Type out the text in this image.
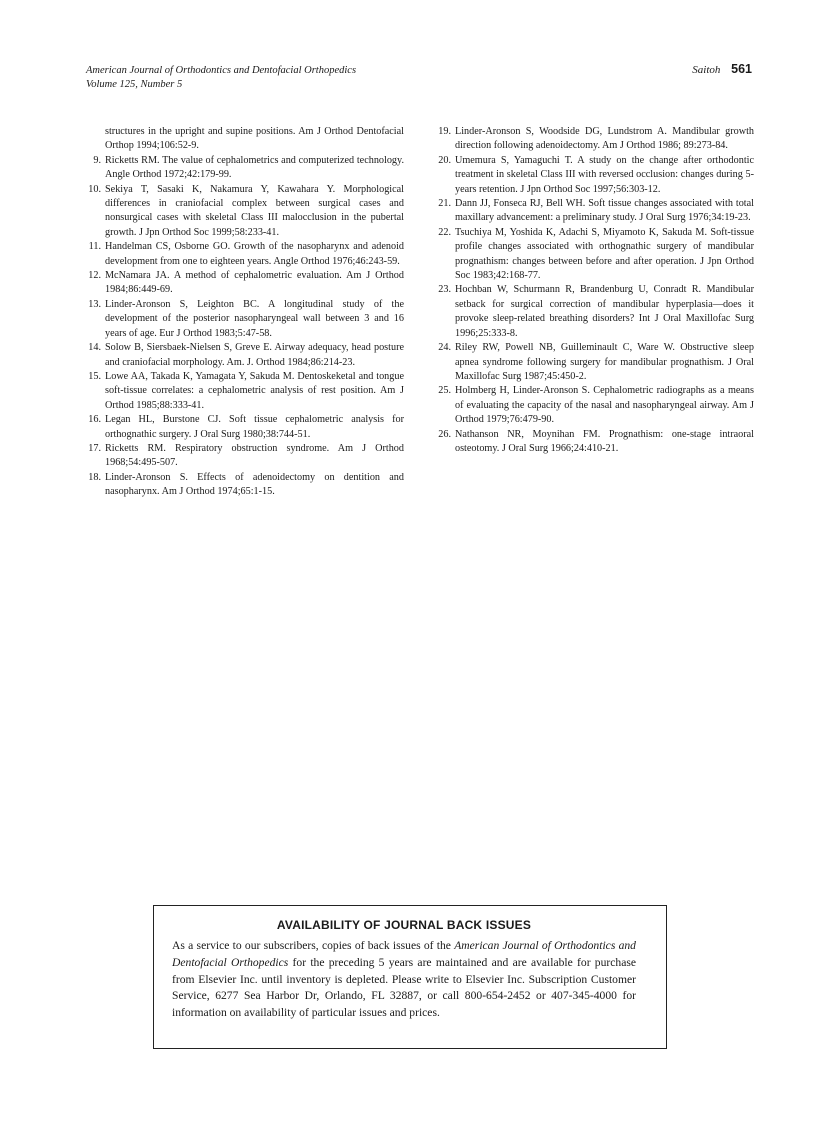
American Journal of Orthodontics and Dentofacial Orthopedics
Volume 125, Number 5
Saitoh 561
structures in the upright and supine positions. Am J Orthod Dentofacial Orthop 1994;106:52-9.
9. Ricketts RM. The value of cephalometrics and computerized technology. Angle Orthod 1972;42:179-99.
10. Sekiya T, Sasaki K, Nakamura Y, Kawahara Y. Morphological differences in craniofacial complex between surgical cases and nonsurgical cases with skeletal Class III malocclusion in the pubertal growth. J Jpn Orthod Soc 1999;58:233-41.
11. Handelman CS, Osborne GO. Growth of the nasopharynx and adenoid development from one to eighteen years. Angle Orthod 1976;46:243-59.
12. McNamara JA. A method of cephalometric evaluation. Am J Orthod 1984;86:449-69.
13. Linder-Aronson S, Leighton BC. A longitudinal study of the development of the posterior nasopharyngeal wall between 3 and 16 years of age. Eur J Orthod 1983;5:47-58.
14. Solow B, Siersbaek-Nielsen S, Greve E. Airway adequacy, head posture and craniofacial morphology. Am. J. Orthod 1984;86:214-23.
15. Lowe AA, Takada K, Yamagata Y, Sakuda M. Dentoskeketal and tongue soft-tissue correlates: a cephalometric analysis of rest position. Am J Orthod 1985;88:333-41.
16. Legan HL, Burstone CJ. Soft tissue cephalometric analysis for orthognathic surgery. J Oral Surg 1980;38:744-51.
17. Ricketts RM. Respiratory obstruction syndrome. Am J Orthod 1968;54:495-507.
18. Linder-Aronson S. Effects of adenoidectomy on dentition and nasopharynx. Am J Orthod 1974;65:1-15.
19. Linder-Aronson S, Woodside DG, Lundstrom A. Mandibular growth direction following adenoidectomy. Am J Orthod 1986; 89:273-84.
20. Umemura S, Yamaguchi T. A study on the change after orthodontic treatment in skeletal Class III with reversed occlusion: changes during 5-years retention. J Jpn Orthod Soc 1997;56:303-12.
21. Dann JJ, Fonseca RJ, Bell WH. Soft tissue changes associated with total maxillary advancement: a preliminary study. J Oral Surg 1976;34:19-23.
22. Tsuchiya M, Yoshida K, Adachi S, Miyamoto K, Sakuda M. Soft-tissue profile changes associated with orthognathic surgery of mandibular prognathism: changes between before and after operation. J Jpn Orthod Soc 1983;42:168-77.
23. Hochban W, Schurmann R, Brandenburg U, Conradt R. Mandibular setback for surgical correction of mandibular hyperplasia—does it provoke sleep-related breathing disorders? Int J Oral Maxillofac Surg 1996;25:333-8.
24. Riley RW, Powell NB, Guilleminault C, Ware W. Obstructive sleep apnea syndrome following surgery for mandibular prognathism. J Oral Maxillofac Surg 1987;45:450-2.
25. Holmberg H, Linder-Aronson S. Cephalometric radiographs as a means of evaluating the capacity of the nasal and nasopharyngeal airway. Am J Orthod 1979;76:479-90.
26. Nathanson NR, Moynihan FM. Prognathism: one-stage intraoral osteotomy. J Oral Surg 1966;24:410-21.
AVAILABILITY OF JOURNAL BACK ISSUES

As a service to our subscribers, copies of back issues of the American Journal of Orthodontics and Dentofacial Orthopedics for the preceding 5 years are maintained and are available for purchase from Elsevier Inc. until inventory is depleted. Please write to Elsevier Inc. Subscription Customer Service, 6277 Sea Harbor Dr, Orlando, FL 32887, or call 800-654-2452 or 407-345-4000 for information on availability of particular issues and prices.
